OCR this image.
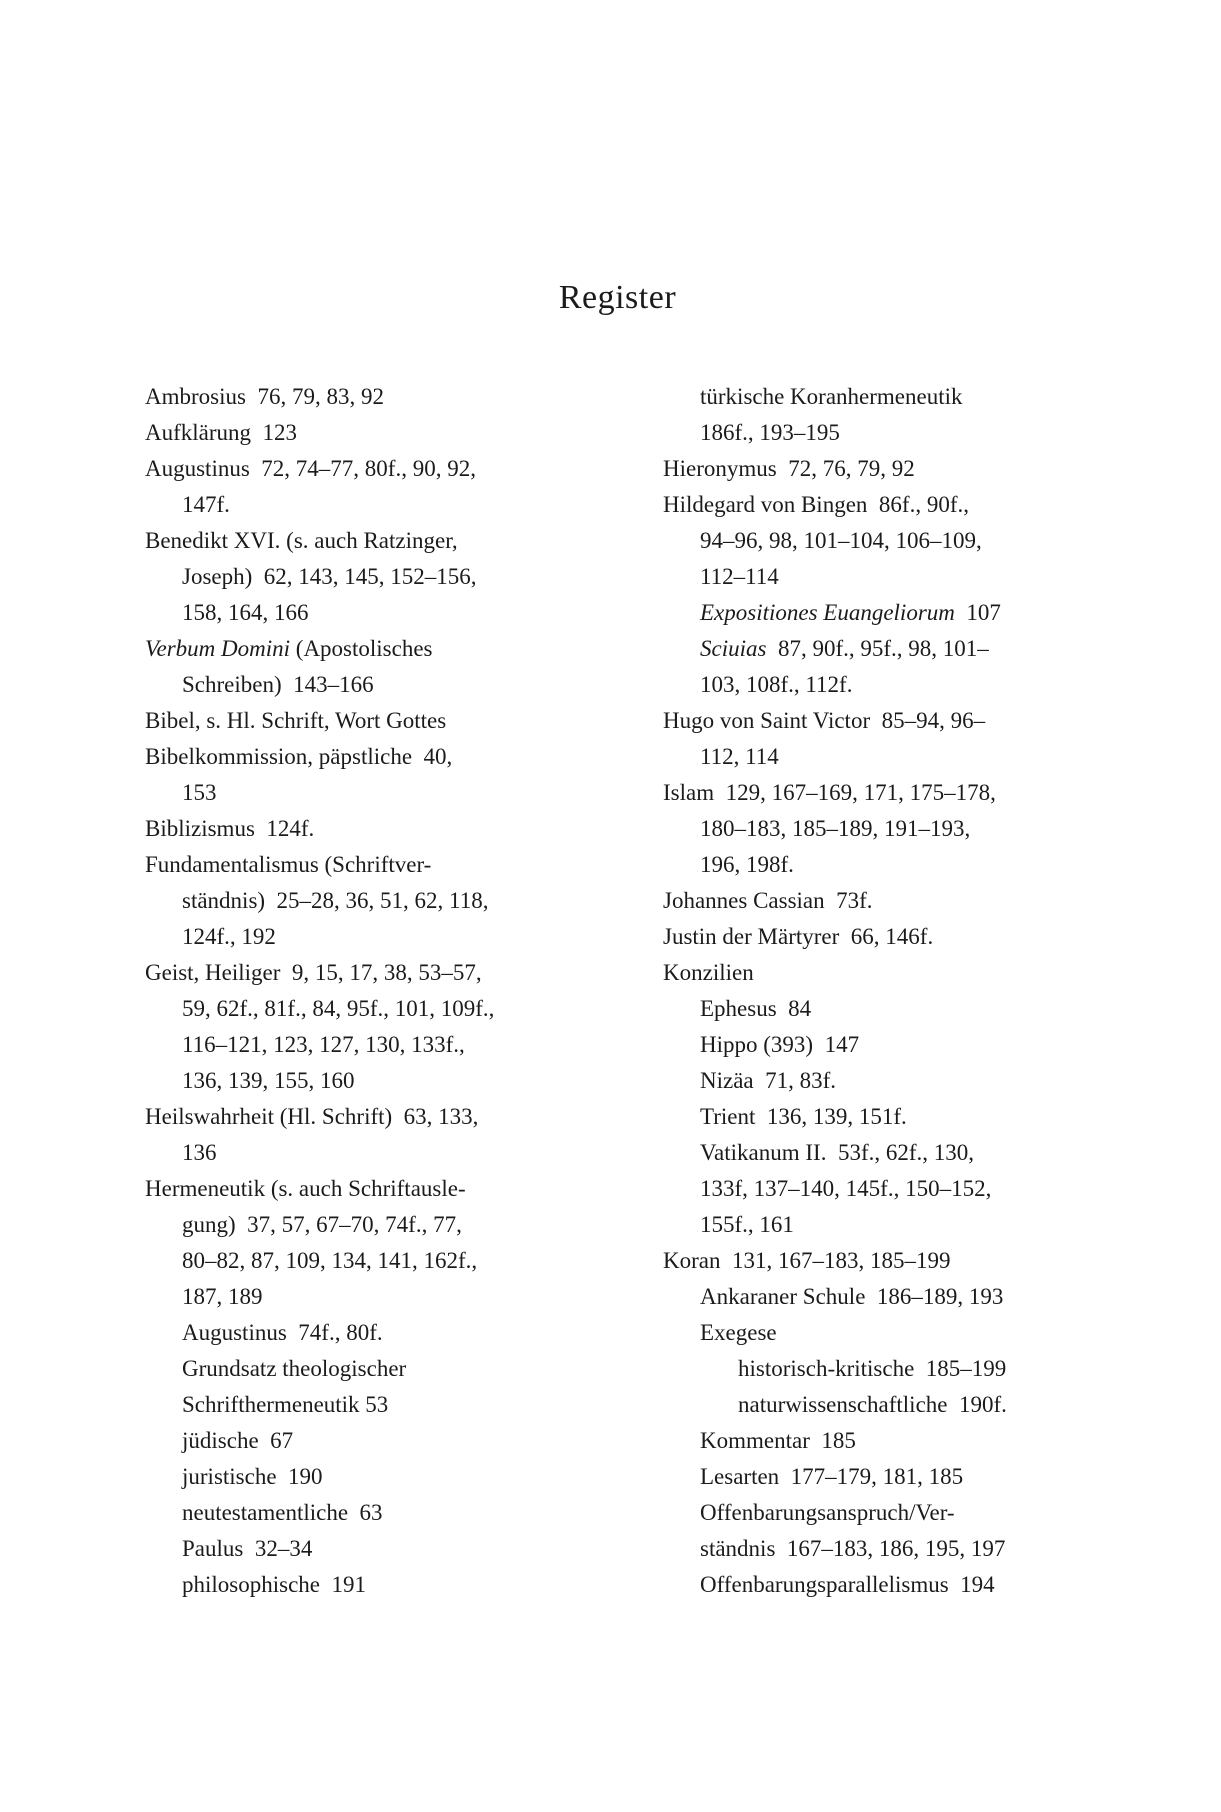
Register
Ambrosius  76, 79, 83, 92
Aufklärung  123
Augustinus  72, 74–77, 80f., 90, 92,
147f.
Benedikt XVI. (s. auch Ratzinger,
Joseph)  62, 143, 145, 152–156,
158, 164, 166
Verbum Domini (Apostolisches
Schreiben)  143–166
Bibel, s. Hl. Schrift, Wort Gottes
Bibelkommission, päpstliche  40,
153
Biblizismus  124f.
Fundamentalismus (Schriftver-
ständnis)  25–28, 36, 51, 62, 118,
124f., 192
Geist, Heiliger  9, 15, 17, 38, 53–57,
59, 62f., 81f., 84, 95f., 101, 109f.,
116–121, 123, 127, 130, 133f.,
136, 139, 155, 160
Heilswahrheit (Hl. Schrift)  63, 133,
136
Hermeneutik (s. auch Schriftausle-
gung)  37, 57, 67–70, 74f., 77,
80–82, 87, 109, 134, 141, 162f.,
187, 189
Augustinus  74f., 80f.
Grundsatz theologischer
Schrifthermeneutik 53
jüdische  67
juristische  190
neutestamentliche  63
Paulus  32–34
philosophische  191
türkische Koranhermeneutik
186f., 193–195
Hieronymus  72, 76, 79, 92
Hildegard von Bingen  86f., 90f.,
94–96, 98, 101–104, 106–109,
112–114
Expositiones Euangeliorum  107
Sciuias  87, 90f., 95f., 98, 101–
103, 108f., 112f.
Hugo von Saint Victor  85–94, 96–
112, 114
Islam  129, 167–169, 171, 175–178,
180–183, 185–189, 191–193,
196, 198f.
Johannes Cassian  73f.
Justin der Märtyrer  66, 146f.
Konzilien
Ephesus  84
Hippo (393)  147
Nizäa  71, 83f.
Trient  136, 139, 151f.
Vatikanum II.  53f., 62f., 130,
133f, 137–140, 145f., 150–152,
155f., 161
Koran  131, 167–183, 185–199
Ankaraner Schule  186–189, 193
Exegese
historisch-kritische  185–199
naturwissenschaftliche  190f.
Kommentar  185
Lesarten  177–179, 181, 185
Offenbarungsanspruch/Ver-
ständnis  167–183, 186, 195, 197
Offenbarungsparallelismus  194
